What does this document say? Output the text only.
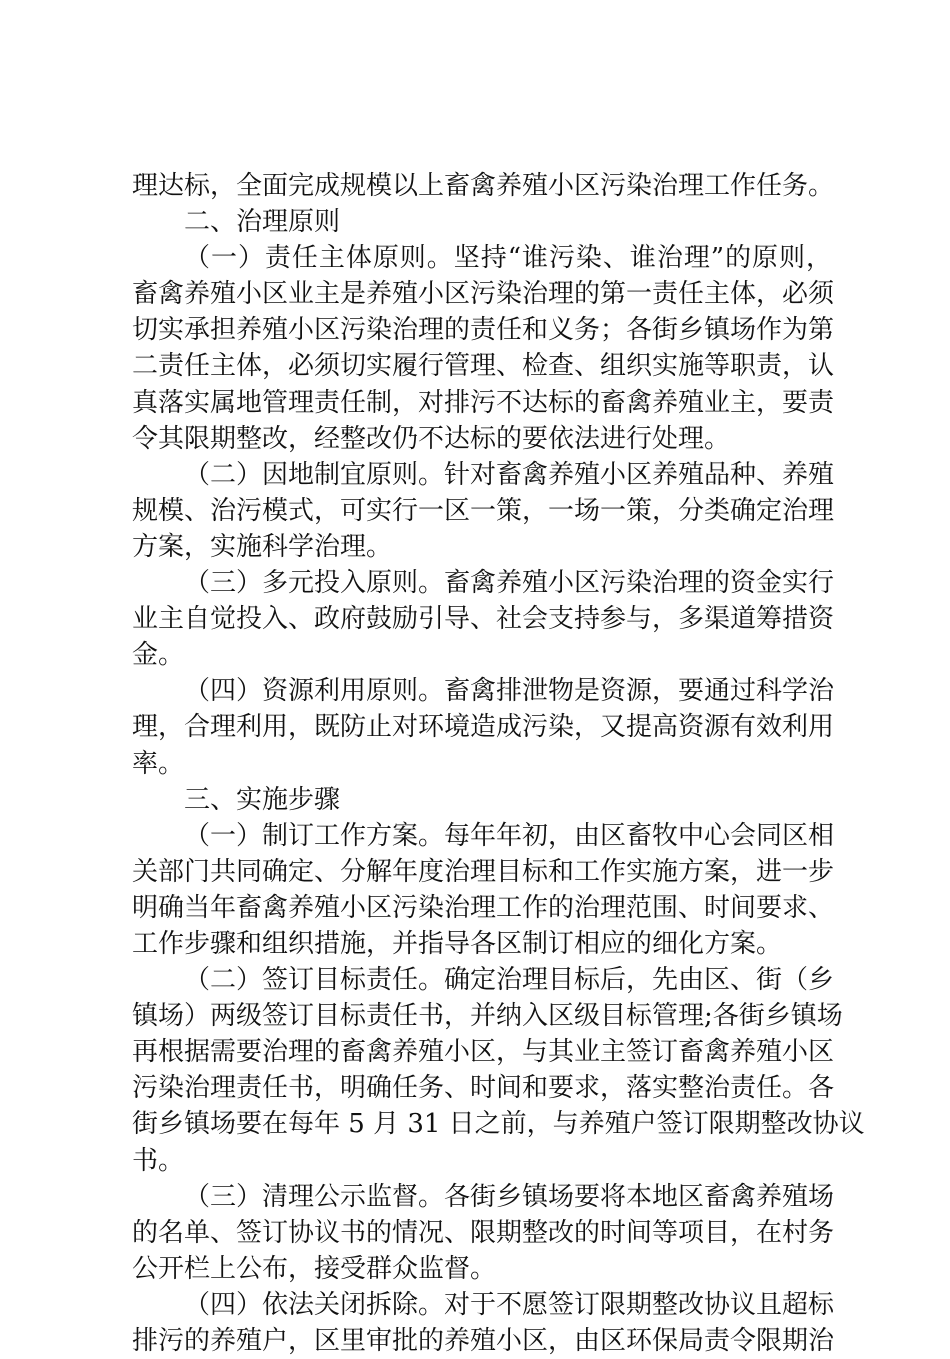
理达标，全面完成规模以上畜禽养殖小区污染治理工作任务。
二、治理原则
（一）责任主体原则。坚持“谁污染、谁治理”的原则，
畜禽养殖小区业主是养殖小区污染治理的第一责任主体，必须
切实承担养殖小区污染治理的责任和义务；各街乡镇场作为第
二责任主体，必须切实履行管理、检查、组织实施等职责，认
真落实属地管理责任制，对排污不达标的畜禽养殖业主，要责
令其限期整改，经整改仍不达标的要依法进行处理。
（二）因地制宜原则。针对畜禽养殖小区养殖品种、养殖
规模、治污模式，可实行一区一策，一场一策，分类确定治理
方案，实施科学治理。
（三）多元投入原则。畜禽养殖小区污染治理的资金实行
业主自觉投入、政府鼓励引导、社会支持参与，多渠道筹措资
金。
（四）资源利用原则。畜禽排泄物是资源，要通过科学治
理，合理利用，既防止对环境造成污染，又提高资源有效利用
率。
三、实施步骤
（一）制订工作方案。每年年初，由区畜牧中心会同区相
关部门共同确定、分解年度治理目标和工作实施方案，进一步
明确当年畜禽养殖小区污染治理工作的治理范围、时间要求、
工作步骤和组织措施，并指导各区制订相应的细化方案。
（二）签订目标责任。确定治理目标后，先由区、街（乡
镇场）两级签订目标责任书，并纳入区级目标管理;各街乡镇场
再根据需要治理的畜禽养殖小区，与其业主签订畜禽养殖小区
污染治理责任书，明确任务、时间和要求，落实整治责任。各
街乡镇场要在每年 5 月 31 日之前，与养殖户签订限期整改协议
书。
（三）清理公示监督。各街乡镇场要将本地区畜禽养殖场
的名单、签订协议书的情况、限期整改的时间等项目，在村务
公开栏上公布，接受群众监督。
（四）依法关闭拆除。对于不愿签订限期整改协议且超标
排污的养殖户，区里审批的养殖小区，由区环保局责令限期治
